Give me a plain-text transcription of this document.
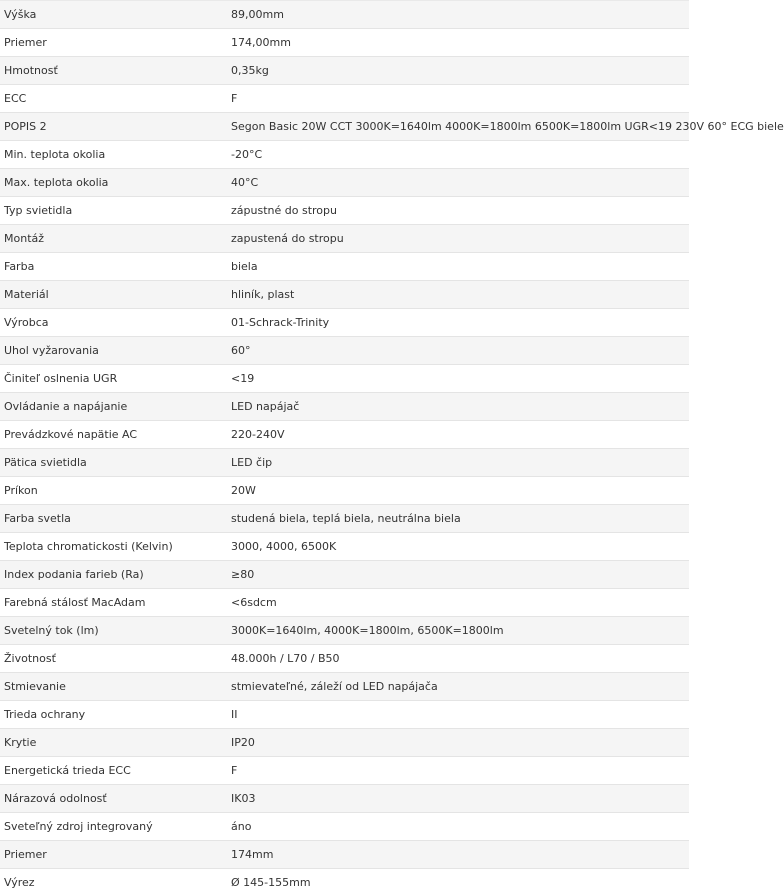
Výška	89,00mm
Priemer	174,00mm
Hmotnosť	0,35kg
ECC	F
POPIS 2	Segon Basic 20W CCT 3000K=1640lm 4000K=1800lm 6500K=1800lm UGR<19 230V 60° ECG biele
Min. teplota okolia	-20°C
Max. teplota okolia	40°C
Typ svietidla	zápustné do stropu
Montáž	zapustená do stropu
Farba	biela
Materiál	hliník, plast
Výrobca	01-Schrack-Trinity
Uhol vyžarovania	60°
Činiteľ oslnenia UGR	<19
Ovládanie a napájanie	LED napájač
Prevádzkové napätie AC	220-240V
Pätica svietidla	LED čip
Príkon	20W
Farba svetla	studená biela, teplá biela, neutrálna biela
Teplota chromatickosti (Kelvin)	3000, 4000, 6500K
Index podania farieb (Ra)	≥80
Farebná stálosť MacAdam	<6sdcm
Svetelný tok (lm)	3000K=1640lm, 4000K=1800lm, 6500K=1800lm
Životnosť	48.000h / L70 / B50
Stmievanie	stmievateľné, záleží od LED napájača
Trieda ochrany	II
Krytie	IP20
Energetická trieda ECC	F
Nárazová odolnosť	IK03
Sveteľný zdroj integrovaný	áno
Priemer	174mm
Výrez	Ø 145-155mm
